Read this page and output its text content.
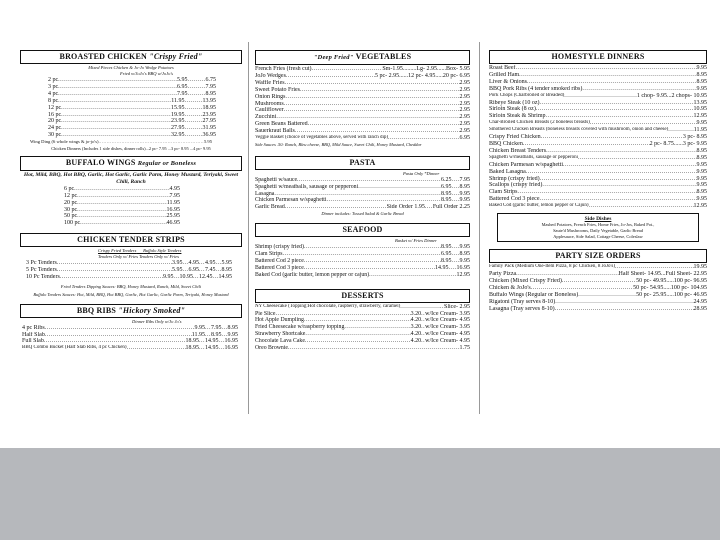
BROASTED CHICKEN "Crispy Fried"
Mixed Pieces Chicken & Jo-Jo Wedge Potatoes
Fried w/JoJo's BBQ w/JoJo's
2 pc .....	5.95 .....	6.75
3 pc .....	6.95 .....	7.95
4 pc .....	7.95 .....	8.95
8 pc .....	11.95 .....	13.95
12 pc .....	15.95 .....	18.95
16 pc .....	19.95 .....	23.95
20 pc .....	23.95 .....	27.95
24 pc .....	27.95 .....	31.95
30 pc .....	32.95 .....	36.95
Wing Ding (6 whole wings & jo-jo's) .....	5.95
Chicken Dinners (Includes 1 side dishes, dinner rolls)...2 pc- 7.95 ...3 pc- 8.95 ...4 pc- 9.95
BUFFALO WINGS Regular or Boneless
Hot, Mild, BBQ, Hot BBQ, Garlic, Hot Garlic, Garlic Parm, Honey Mustard, Teriyaki, Sweet Chili, Ranch
6 pc .....	4.95
12 pc .....	7.95
20 pc .....	11.95
30 pc .....	16.95
50 pc .....	25.95
100 pc .....	46.95
CHICKEN TENDER STRIPS
Crispy Fried Tenders Buffalo Style Tenders
Tenders Only w/ Fries Tenders Only w/ Fries
3 Pc Tenders .....	3.95 ..... 4.95 ..... 4.95 ..... 5.95
5 Pc Tenders .....	5.95 ..... 6.95 ..... 7.45 ..... 8.95
10 Pc Tenders .....	9.95 ..... 10.95 ..... 12.45 ..... 14.95
Fried Tenders Dipping Sauces: BBQ, Honey Mustard, Ranch, Mild, Sweet Chili
Buffalo Tenders Sauces: Hot, Mild, BBQ, Hot BBQ, Garlic, Hot Garlic, Garlic Parm, Teriyaki, Honey Mustard
BBQ RIBS "Hickory Smoked"
Dinner Ribs Only w/Jo Jo's
4 pc Ribs .....	9.95 ..... 7.95 ..... 8.95
Half Slab .....	11.95 ..... 8.95 ..... 9.95
Full Slab .....	18.95 ..... 14.95 ..... 16.95
BBQ Combo Bucket (Half Slab Ribs, 4 pc Chicken) .....	18.95 ..... 14.95 ..... 16.95
"Deep Fried" VEGETABLES
French Fries (fresh cut) .....	Sm-1.95.........Lg- 2.95......Box- 5.95
JoJo Wedges .....	5 pc- 2.95......12 pc- 4.95.....20 pc- 6.95
Waffle Fries .....	2.95
Sweet Potato Fries .....	2.95
Onion Rings .....	2.95
Mushrooms .....	2.95
Cauliflower .....	2.95
Zucchini .....	2.95
Green Beans Battered .....	2.95
Sauerkraut Balls .....	2.95
Veggie Basket (choice of vegetables above, served with ranch dip) .....	6.95
Side Sauces .50: Ranch, Bleu cheese, BBQ, Mild Sauce, Sweet Chili, Honey Mustard, Cheddar
PASTA
Pasta Only *Dinner
Spaghetti w/sauce .....	6.25 ..... 7.95
Spaghetti w/meatballs, sausage or pepperoni .....	6.95 ..... 8.95
Lasagna .....	8.95 ..... 9.95
Chicken Parmesan w/spaghetti .....	8.95 ..... 9.95
Garlic Bread .....	Side Order 1.95 ..... Full Order 2.25
Dinner includes: Tossed Salad & Garlic Bread
SEAFOOD
Basket w/ Fries Dinner
Shrimp (crispy fried) .....	8.95 ..... 9.95
Clam Strips .....	6.95 ..... 8.95
Battered Cod 2 piece .....	8.95 ..... 9.95
Battered Cod 3 piece .....	14.95 ..... 16.95
Baked Cod (garlic butter, lemon pepper or cajun) ..... .....	12.95
DESSERTS
NY Cheesecake (Topping:Hot chocolate, raspberry, strawberry, caramel) ..... .....	Slice- 2.95
Pie Slice .....	3.20 ..... w/Ice Cream- 3.95
Hot Apple Dumpling .....	4.20 ..... w/Ice Cream- 4.95
Fried Cheesecake w/raspberry topping .....	3.20 ..... w/Ice Cream- 3.95
Strawberry Shortcake .....	4.20 ..... w/Ice Cream- 4.95
Chocolate Lava Cake .....	4.20 ..... w/Ice Cream- 4.95
Oreo Brownie ..... .....	1.75
HOMESTYLE DINNERS
Roast Beef .....	9.95
Grilled Ham .....	8.95
Liver & Onions .....	8.95
BBQ Pork Ribs (4 tender smoked ribs) .....	9.95
Pork Chops (Charbroiled or Breaded) .....	1 chop- 9.95...2 chops- 10.95
Ribeye Steak (10 oz) .....	13.95
Sirloin Steak (8 oz) .....	10.95
Sirloin Steak & Shrimp .....	12.95
Char-Broiled Chicken Breasts (2 boneless breasts) .....	9.95
Smothered Chicken Breasts (boneless breasts covered with mushroom, onion and cheese) .....	11.95
Crispy Fried Chicken .....	3 pc- 8.95
BBQ Chicken .....	2 pc- 8.75......3 pc- 9.95
Chicken Breast Tenders .....	8.95
Spaghetti w/meatballs, sausage or pepperoni .....	8.95
Chicken Parmesan w/spaghetti .....	9.95
Baked Lasagna .....	9.95
Shrimp (crispy fried) .....	9.95
Scallops (crispy fried) .....	9.95
Clam Strips .....	8.95
Battered Cod 3 piece .....	9.95
Baked Cod (garlic butter, lemon pepper or Cajun) .....	12.95
Side Dishes
Mashed Potatoes, French Fries, Home Fries, Jo-Jos, Baked Pot.,
Saute'd Mushrooms, Daily Vegetable, Garlic Bread
Applesauce, Side Salad, Cottage Cheese, Coleslaw
PARTY SIZE ORDERS
Family Pack (Medium One-Item Pizza, 8 pc Chicken, 8 JoJo's) .....	19.95
Party Pizza .....	Half Sheet- 14.95...Full Sheet- 22.95
Chicken (Mixed Crispy Fried) .....	50 pc- 49.95.....100 pc- 96.95
Chicken & JoJo's .....	50 pc- 54.95.....100 pc- 104.95
Buffalo Wings (Regular or Boneless) .....	50 pc- 25.95.....100 pc- 46.95
Rigatoni (Tray serves 8-10) .....	24.95
Lasagna (Tray serves 8-10) .....	28.95
